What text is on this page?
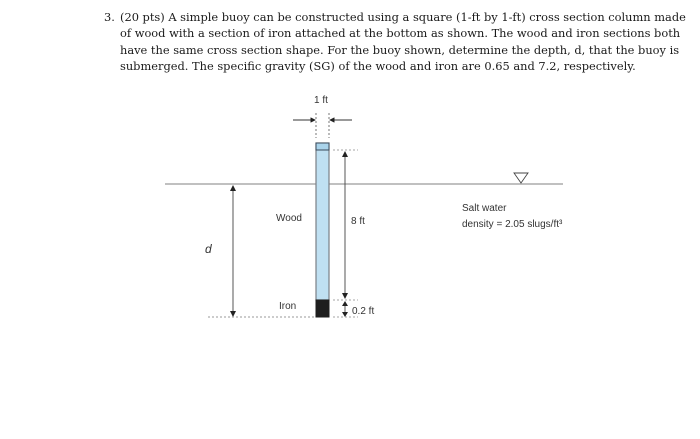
3. (20 pts) A simple buoy can be constructed using a square (1-ft by 1-ft) cross section column made
of wood with a section of iron attached at the bottom as shown. The wood and iron sections both
have the same cross section shape. For the buoy shown, determine the depth, d, that the buoy is
submerged. The specific gravity (SG) of the wood and iron are 0.65 and 7.2, respectively.
1 ft
Wood
Iron
d
8 ft
0.2 ft
Salt water
density = 2.05 slugs/ft³
